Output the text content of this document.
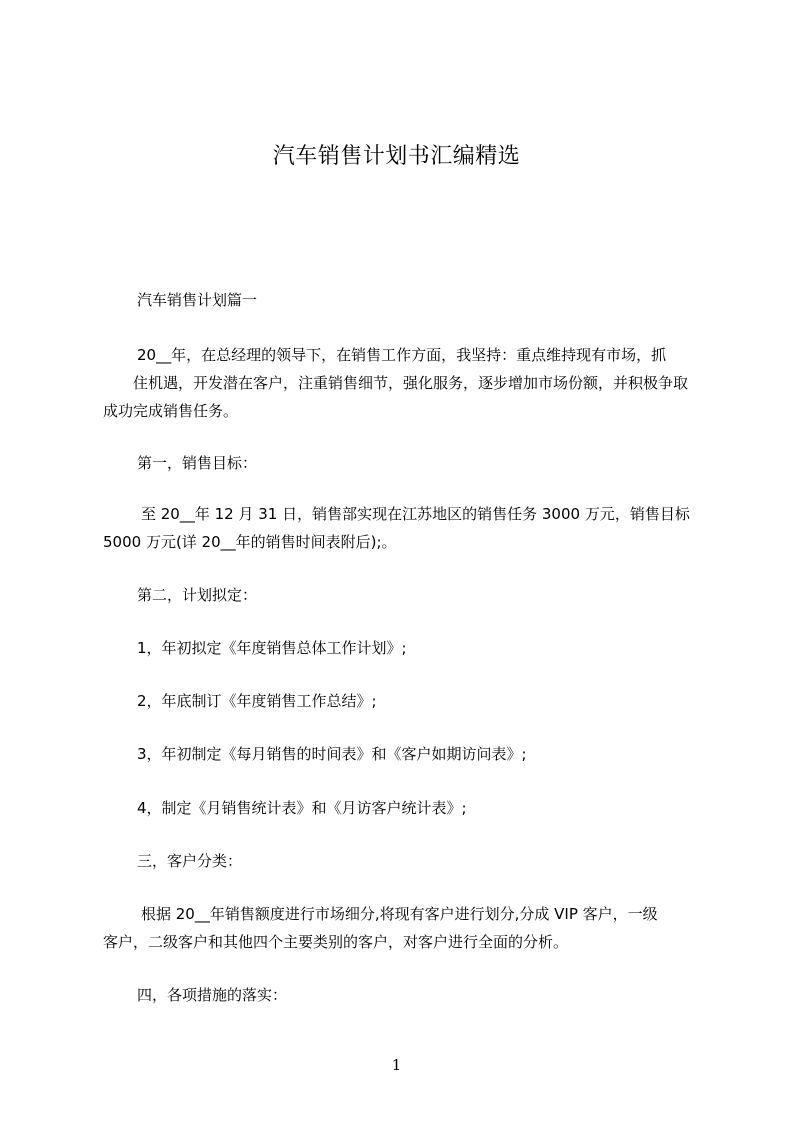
汽车销售计划书汇编精选
汽车销售计划篇一
20__年，在总经理的领导下，在销售工作方面，我坚持：重点维持现有市场，抓
住机遇，开发潜在客户，注重销售细节，强化服务，逐步增加市场份额，并积极争取
成功完成销售任务。
第一，销售目标：
至 20__年 12 月 31 日，销售部实现在江苏地区的销售任务 3000 万元，销售目标
5000 万元(详 20__年的销售时间表附后);。
第二，计划拟定：
1，年初拟定《年度销售总体工作计划》;
2，年底制订《年度销售工作总结》;
3，年初制定《每月销售的时间表》和《客户如期访问表》;
4，制定《月销售统计表》和《月访客户统计表》;
三，客户分类：
根据 20__年销售额度进行市场细分,将现有客户进行划分,分成 VIP 客户，一级
客户，二级客户和其他四个主要类别的客户，对客户进行全面的分析。
四，各项措施的落实：
1
